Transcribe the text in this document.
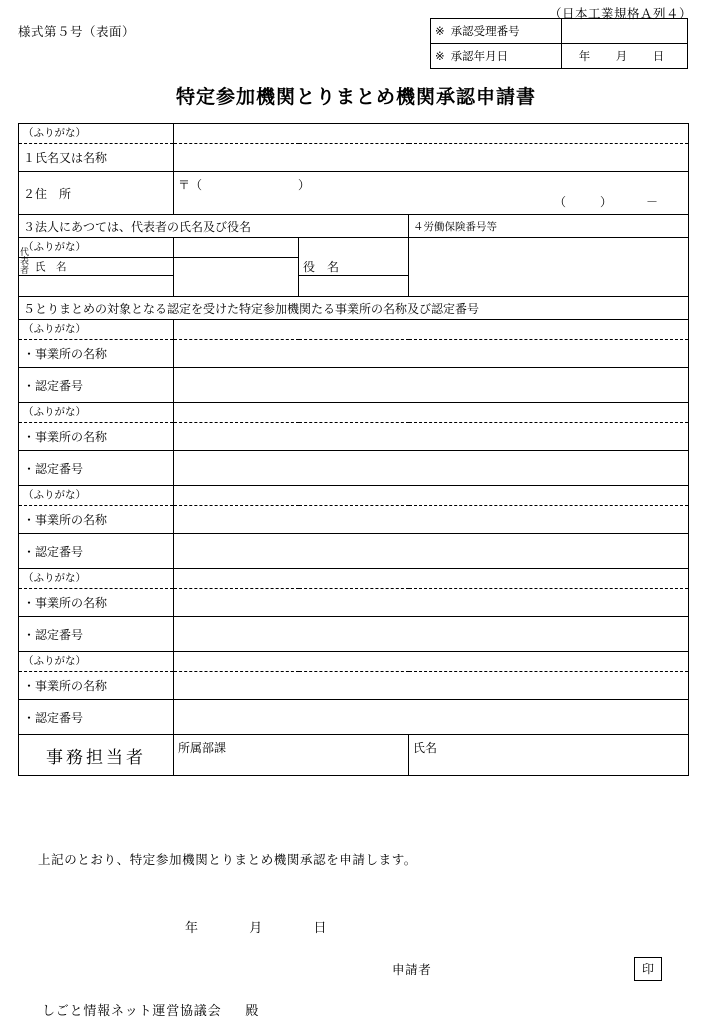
（日本工業規格Ａ列４）
様式第５号（表面）	※ 承認受理番号	
※ 承認年月日	年 月 日
特定参加機関とりまとめ機関承認申請書
（ふりがな）			
１氏名又は名称			
２住　所	〒（　　　　　　　　）
（ ） －		

３法人にあつては、代表者の氏名及び役名			４労働保険番号等
（ふりがな）			

代表者 氏　名		役　名	

５とりまとめの対象となる認定を受けた特定参加機関たる事業所の名称及び認定番号			
（ふりがな）			
・事業所の名称			
・認定番号			
（ふりがな）			
・事業所の名称			
・認定番号			
（ふりがな）			
・事業所の名称			
・認定番号			
（ふりがな）			
・事業所の名称			
・認定番号			
（ふりがな）			
・事業所の名称			
・認定番号			
事務担当者	所属部課		氏名
上記のとおり、特定参加機関とりまとめ機関承認を申請します。
年	月	日
申請者	印
しごと情報ネット運営協議会 殿
